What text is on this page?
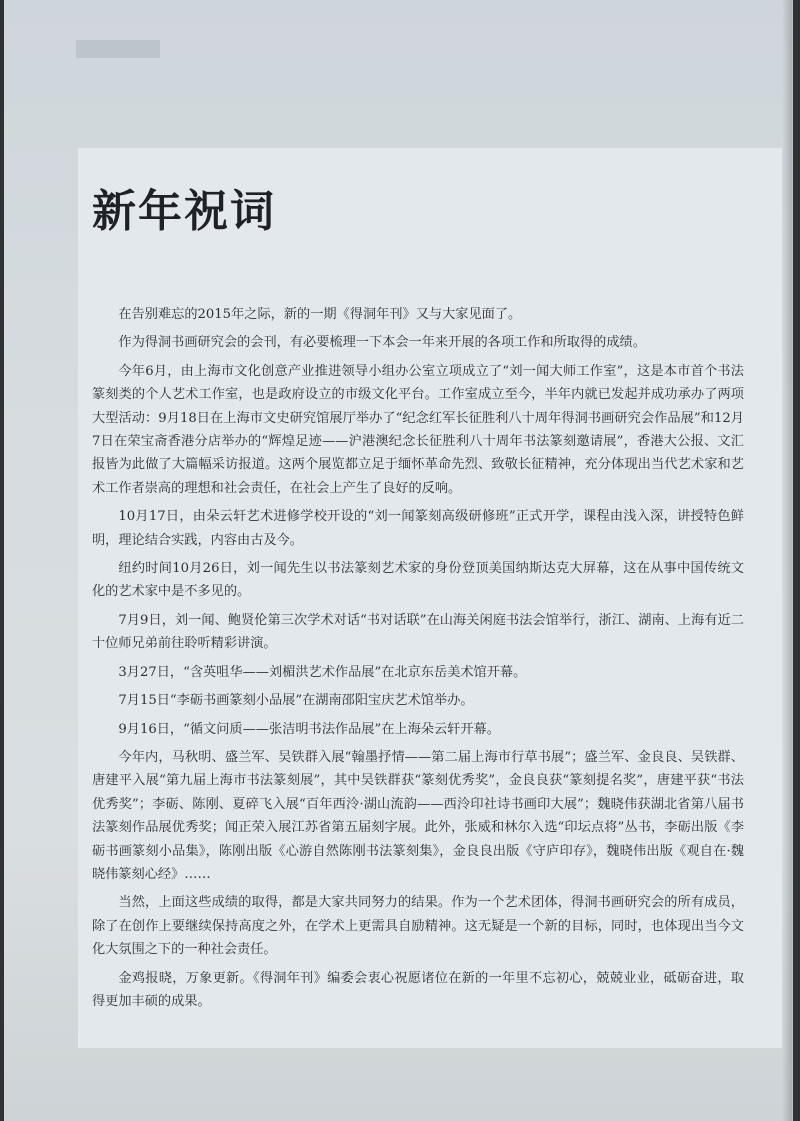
新年祝词

在告别难忘的2015年之际，新的一期《得洞年刊》又与大家见面了。

作为得洞书画研究会的会刊，有必要梳理一下本会一年来开展的各项工作和所取得的成绩。

今年6月，由上海市文化创意产业推进领导小组办公室立项成立了“刘一闻大师工作室”，这是本市首个书法篆刻类的个人艺术工作室，也是政府设立的市级文化平台。工作室成立至今，半年内就已发起并成功承办了两项大型活动：9月18日在上海市文史研究馆展厅举办了“纪念红军长征胜利八十周年得洞书画研究会作品展”和12月7日在荣宝斋香港分店举办的“辉煌足迹——沪港澳纪念长征胜利八十周年书法篆刻邀请展”，香港大公报、文汇报皆为此做了大篇幅采访报道。这两个展览都立足于缅怀革命先烈、致敬长征精神，充分体现出当代艺术家和艺术工作者崇高的理想和社会责任，在社会上产生了良好的反响。

10月17日，由朵云轩艺术进修学校开设的“刘一闻篆刻高级研修班”正式开学，课程由浅入深，讲授特色鲜明，理论结合实践，内容由古及今。

纽约时间10月26日，刘一闻先生以书法篆刻艺术家的身份登顶美国纳斯达克大屏幕，这在从事中国传统文化的艺术家中是不多见的。

7月9日，刘一闻、鲍贤伦第三次学术对话“书对话联”在山海关闲庭书法会馆举行，浙江、湖南、上海有近二十位师兄弟前往聆听精彩讲演。

3月27日，“含英咀华——刘楣洪艺术作品展”在北京东岳美术馆开幕。

7月15日“李砺书画篆刻小品展”在湖南邵阳宝庆艺术馆举办。

9月16日，“循文问质——张洁明书法作品展”在上海朵云轩开幕。

今年内，马秋明、盛兰军、吴铁群入展“翰墨抒情——第二届上海市行草书展”；盛兰军、金良良、吴铁群、唐建平入展“第九届上海市书法篆刻展”，其中吴铁群获“篆刻优秀奖”，金良良获“篆刻提名奖”，唐建平获“书法优秀奖”；李砺、陈刚、夏碎飞入展“百年西泠·湖山流韵——西泠印社诗书画印大展”；魏晓伟获湖北省第八届书法篆刻作品展优秀奖；闻正荣入展江苏省第五届刻字展。此外，张威和林尔入选“印坛点将”丛书，李砺出版《李砺书画篆刻小品集》，陈刚出版《心游自然陈刚书法篆刻集》，金良良出版《守庐印存》，魏晓伟出版《观自在·魏晓伟篆刻心经》……

当然，上面这些成绩的取得，都是大家共同努力的结果。作为一个艺术团体，得洞书画研究会的所有成员，除了在创作上要继续保持高度之外，在学术上更需具自励精神。这无疑是一个新的目标，同时，也体现出当今文化大氛围之下的一种社会责任。

金鸡报晓，万象更新。《得洞年刊》编委会衷心祝愿诸位在新的一年里不忘初心，兢兢业业，砥砺奋进，取得更加丰硕的成果。
